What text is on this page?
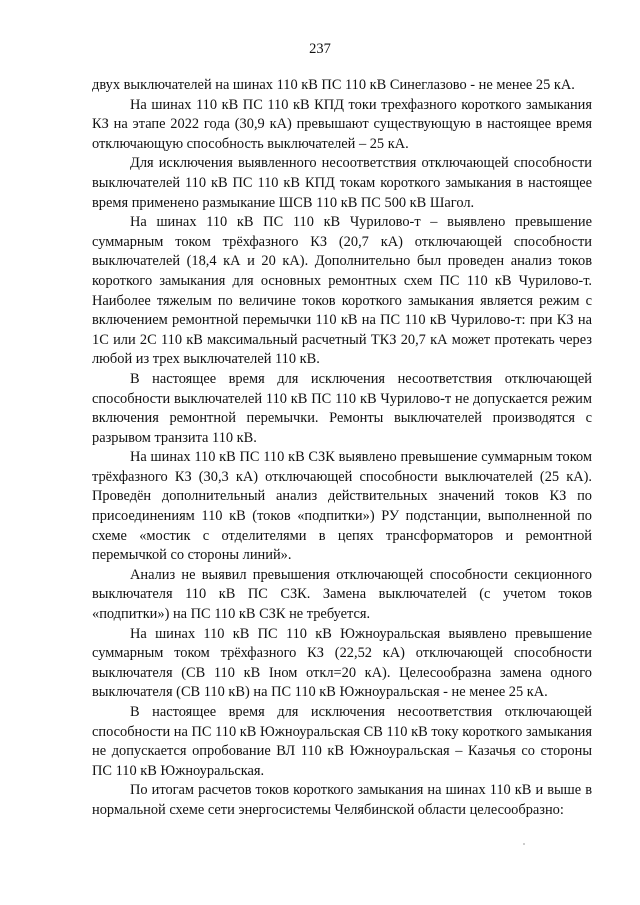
237

двух выключателей на шинах 110 кВ ПС 110 кВ Синеглазово - не менее 25 кА.

На шинах 110 кВ ПС 110 кВ КПД токи трехфазного короткого замыкания КЗ на этапе 2022 года (30,9 кА) превышают существующую в настоящее время отключающую способность выключателей – 25 кА.

Для исключения выявленного несоответствия отключающей способности выключателей 110 кВ ПС 110 кВ КПД токам короткого замыкания в настоящее время применено размыкание ШСВ 110 кВ ПС 500 кВ Шагол.

На шинах 110 кВ ПС 110 кВ Чурилово-т – выявлено превышение суммарным током трёхфазного КЗ (20,7 кА) отключающей способности выключателей (18,4 кА и 20 кА). Дополнительно был проведен анализ токов короткого замыкания для основных ремонтных схем ПС 110 кВ Чурилово-т. Наиболее тяжелым по величине токов короткого замыкания является режим с включением ремонтной перемычки 110 кВ на ПС 110 кВ Чурилово-т: при КЗ на 1С или 2С 110 кВ максимальный расчетный ТКЗ 20,7 кА может протекать через любой из трех выключателей 110 кВ.

В настоящее время для исключения несоответствия отключающей способности выключателей 110 кВ ПС 110 кВ Чурилово-т не допускается режим включения ремонтной перемычки. Ремонты выключателей производятся с разрывом транзита 110 кВ.

На шинах 110 кВ ПС 110 кВ СЗК выявлено превышение суммарным током трёхфазного КЗ (30,3 кА) отключающей способности выключателей (25 кА). Проведён дополнительный анализ действительных значений токов КЗ по присоединениям 110 кВ (токов «подпитки») РУ подстанции, выполненной по схеме «мостик с отделителями в цепях трансформаторов и ремонтной перемычкой со стороны линий».

Анализ не выявил превышения отключающей способности секционного выключателя 110 кВ ПС СЗК. Замена выключателей (с учетом токов «подпитки») на ПС 110 кВ СЗК не требуется.

На шинах 110 кВ ПС 110 кВ Южноуральская выявлено превышение суммарным током трёхфазного КЗ (22,52 кА) отключающей способности выключателя (СВ 110 кВ Iном откл=20 кА). Целесообразна замена одного выключателя (СВ 110 кВ) на ПС 110 кВ Южноуральская - не менее 25 кА.

В настоящее время для исключения несоответствия отключающей способности на ПС 110 кВ Южноуральская СВ 110 кВ току короткого замыкания не допускается опробование ВЛ 110 кВ Южноуральская – Казачья со стороны ПС 110 кВ Южноуральская.

По итогам расчетов токов короткого замыкания на шинах 110 кВ и выше в нормальной схеме сети энергосистемы Челябинской области целесообразно:
